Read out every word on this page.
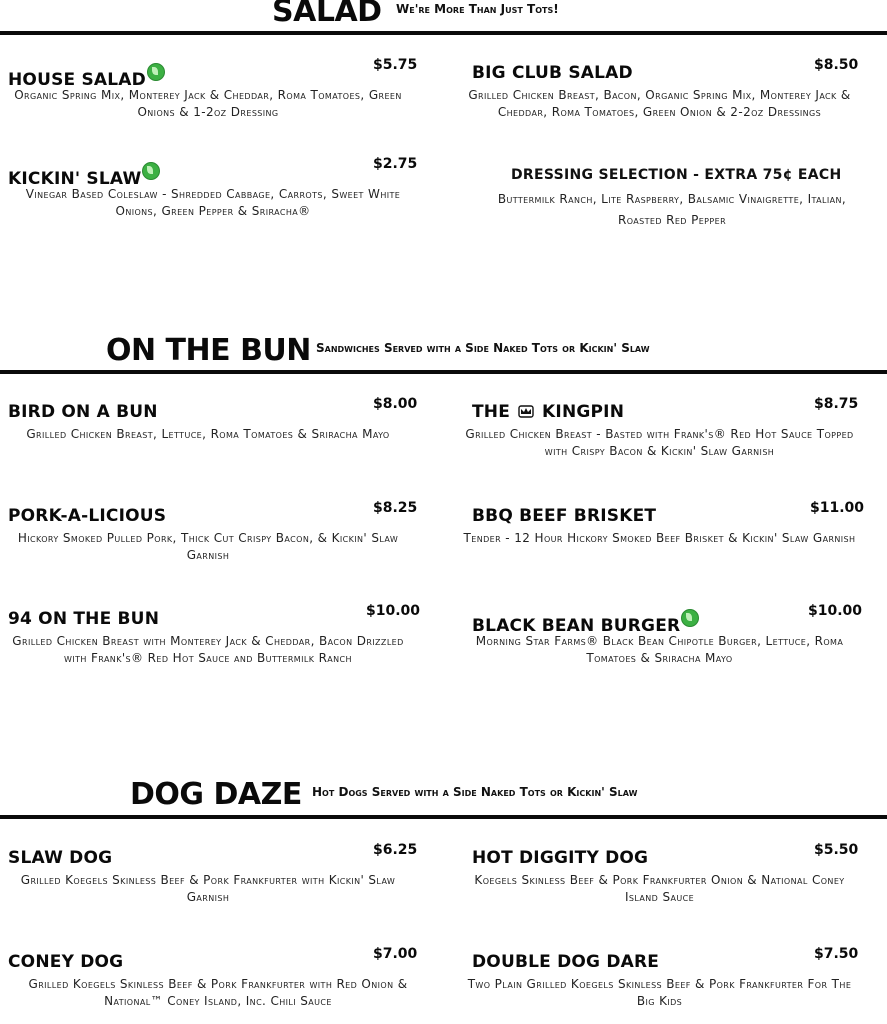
SALAD We're More Than Just Tots!
HOUSE SALAD
$5.75
Organic Spring Mix, Monterey Jack & Cheddar, Roma Tomatoes, Green Onions & 1-2oz Dressing
BIG CLUB SALAD	$8.50
Grilled Chicken Breast, Bacon, Organic Spring Mix, Monterey Jack & Cheddar, Roma Tomatoes, Green Onion & 2-2oz Dressings
KICKIN' SLAW
$2.75
Vinegar Based Coleslaw - Shredded Cabbage, Carrots, Sweet White Onions, Green Pepper & Sriracha®
DRESSING SELECTION - EXTRA 75¢ EACH
Buttermilk Ranch, Lite Raspberry, Balsamic Vinaigrette, Italian, Roasted Red Pepper
ON THE BUN Sandwiches Served with a Side Naked Tots or Kickin' Slaw
BIRD ON A BUN	$8.00
Grilled Chicken Breast, Lettuce, Roma Tomatoes & Sriracha Mayo
THE KINGPIN	$8.75
Grilled Chicken Breast - Basted with Frank's® Red Hot Sauce Topped with Crispy Bacon & Kickin' Slaw Garnish
PORK-A-LICIOUS	$8.25
Hickory Smoked Pulled Pork, Thick Cut Crispy Bacon, & Kickin' Slaw Garnish
BBQ BEEF BRISKET	$11.00
Tender - 12 Hour Hickory Smoked Beef Brisket & Kickin' Slaw Garnish
94 ON THE BUN	$10.00
Grilled Chicken Breast with Monterey Jack & Cheddar, Bacon Drizzled with Frank's® Red Hot Sauce and Buttermilk Ranch
BLACK BEAN BURGER
$10.00
Morning Star Farms® Black Bean Chipotle Burger, Lettuce, Roma Tomatoes & Sriracha Mayo
DOG DAZE Hot Dogs Served with a Side Naked Tots or Kickin' Slaw
SLAW DOG	$6.25
Grilled Koegels Skinless Beef & Pork Frankfurter with Kickin' Slaw Garnish
HOT DIGGITY DOG	$5.50
Koegels Skinless Beef & Pork Frankfurter Onion & National Coney Island Sauce
CONEY DOG	$7.00
Grilled Koegels Skinless Beef & Pork Frankfurter with Red Onion & National™ Coney Island, Inc. Chili Sauce
DOUBLE DOG DARE	$7.50
Two Plain Grilled Koegels Skinless Beef & Pork Frankfurter For The Big Kids
